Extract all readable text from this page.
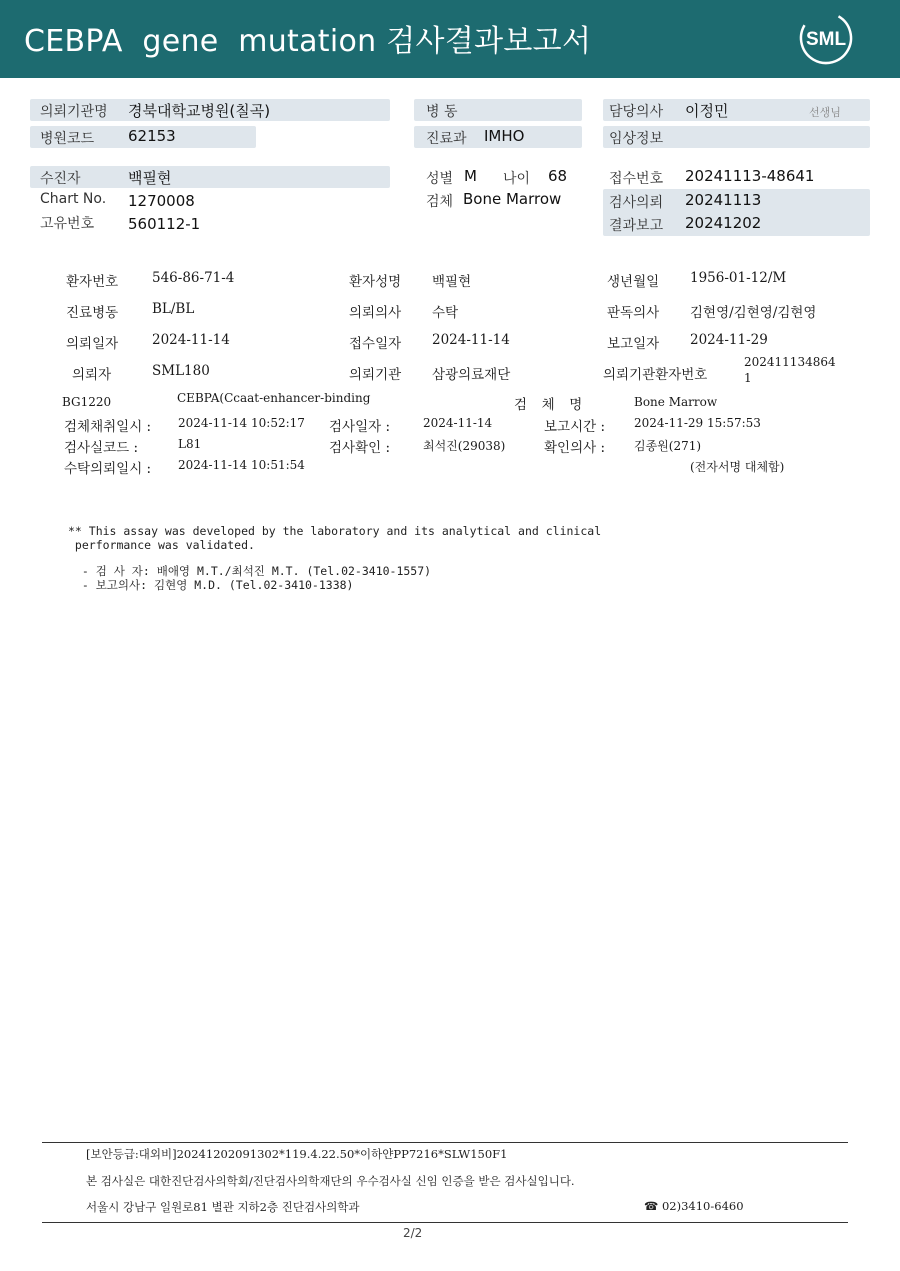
CEBPA  gene  mutation 검사결과보고서	SML
의뢰기관명 경북대학교병원(칠곡)	병 동	담당의사 이정민	선생님
병원코드 62153	진료과 IMHO	임상정보
수진자	백필현	성별 M 나이 68	접수번호 20241113-48641
Chart No. 1270008	검체 Bone Marrow	검사의뢰 20241113
고유번호 560112-1	결과보고 20241202
환자번호	546-86-71-4	환자성명 백필현	생년월일 1956-01-12/M
진료병동	BL/BL	의뢰의사 수탁	판독의사 김현영/김현영/김현영
의뢰일자	2024-11-14	접수일자 2024-11-14	보고일자 2024-11-29
의뢰자	SML180	의뢰기관 삼광의료재단	의뢰기관환자번호
202411134864
1
BG1220	CEBPA(Ccaat-enhancer-binding	검  체  명	Bone Marrow
검체채취일시 : 2024-11-14 10:52:17 검사일자 :	2024-11-14	보고시간 : 2024-11-29 15:57:53
검사실코드 :	L81	검사확인 :	최석진(29038)	확인의사 : 김종원(271)
수탁의뢰일시 : 2024-11-14 10:51:54	(전자서명 대체함)
** This assay was developed by the laboratory and its analytical and clinical
performance was validated.
- 검 사 자: 배애영 M.T./최석진 M.T. (Tel.02-3410-1557)
- 보고의사: 김현영 M.D. (Tel.02-3410-1338)
[보안등급:대외비]20241202091302*119.4.22.50*이하얀PP7216*SLW150F1
본 검사실은 대한진단검사의학회/진단검사의학재단의 우수검사실 신임 인증을 받은 검사실입니다.
서울시 강남구 일원로81 별관 지하2층 진단검사의학과	☎ 02)3410-6460
2/2
